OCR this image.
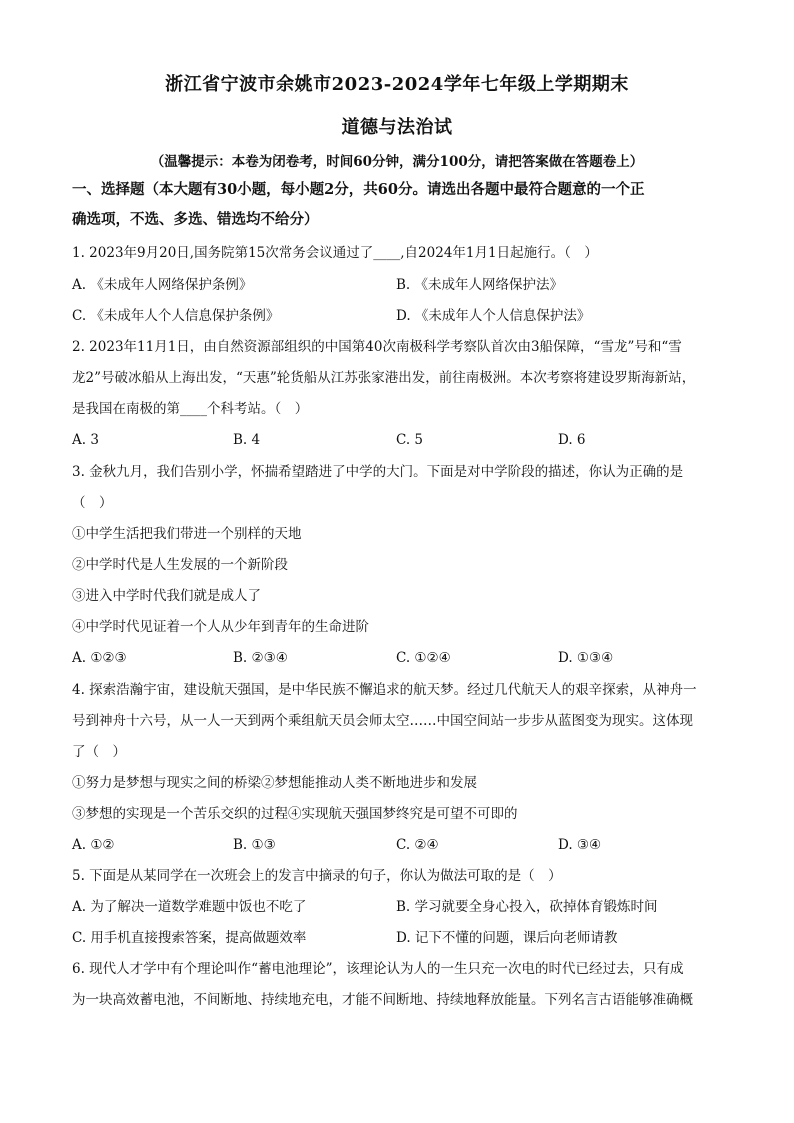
浙江省宁波市余姚市2023-2024学年七年级上学期期末
道德与法治试
（温馨提示：本卷为闭卷考，时间60分钟，满分100分，请把答案做在答题卷上）
一、选择题（本大题有30小题，每小题2分，共60分。请选出各题中最符合题意的一个正
确选项，不选、多选、错选均不给分）
1. 2023年9月20日,国务院第15次常务会议通过了____,自2024年1月1日起施行。（　）
A. 《未成年人网络保护条例》	B. 《未成年人网络保护法》
C. 《未成年人个人信息保护条例》	D. 《未成年人个人信息保护法》
2. 2023年11月1日，由自然资源部组织的中国第40次南极科学考察队首次由3船保障，“雪龙”号和“雪
龙2”号破冰船从上海出发，“天惠”轮货船从江苏张家港出发，前往南极洲。本次考察将建设罗斯海新站，
是我国在南极的第____个科考站。（　）
A. 3	B. 4	C. 5	D. 6
3. 金秋九月，我们告别小学，怀揣希望踏进了中学的大门。下面是对中学阶段的描述，你认为正确的是
（　）
①中学生活把我们带进一个别样的天地
②中学时代是人生发展的一个新阶段
③进入中学时代我们就是成人了
④中学时代见证着一个人从少年到青年的生命进阶
A. ①②③	B. ②③④	C. ①②④	D. ①③④
4. 探索浩瀚宇宙，建设航天强国，是中华民族不懈追求的航天梦。经过几代航天人的艰辛探索，从神舟一
号到神舟十六号，从一人一天到两个乘组航天员会师太空……中国空间站一步步从蓝图变为现实。这体现
了（　）
①努力是梦想与现实之间的桥梁②梦想能推动人类不断地进步和发展
③梦想的实现是一个苦乐交织的过程④实现航天强国梦终究是可望不可即的
A. ①②	B. ①③	C. ②④	D. ③④
5. 下面是从某同学在一次班会上的发言中摘录的句子，你认为做法可取的是（　）
A. 为了解决一道数学难题中饭也不吃了	B. 学习就要全身心投入，砍掉体育锻炼时间
C. 用手机直接搜索答案，提高做题效率	D. 记下不懂的问题，课后向老师请教
6. 现代人才学中有个理论叫作“蓄电池理论”，该理论认为人的一生只充一次电的时代已经过去，只有成
为一块高效蓄电池，不间断地、持续地充电，才能不间断地、持续地释放能量。下列名言古语能够准确概
